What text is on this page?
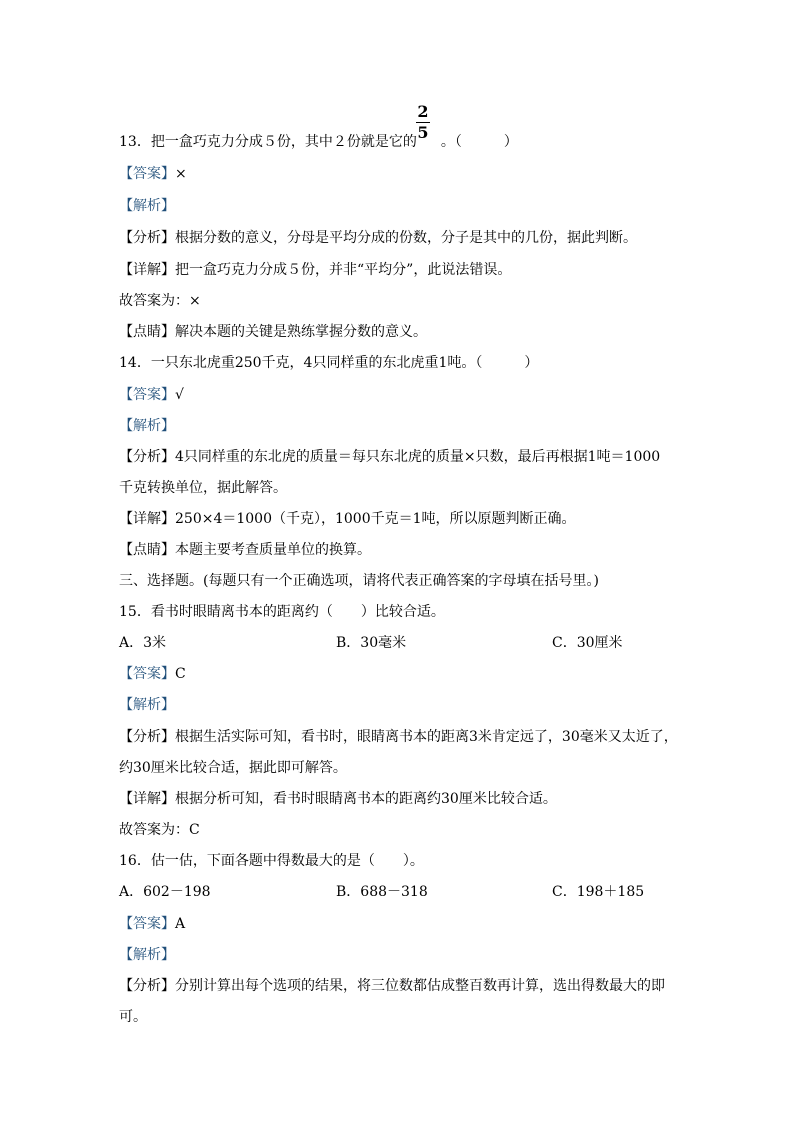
13．把一盒巧克力分成５份，其中２份就是它的 。（　　　）
2
5
【答案】×
【解析】
【分析】根据分数的意义，分母是平均分成的份数，分子是其中的几份，据此判断。
【详解】把一盒巧克力分成５份，并非“平均分”，此说法错误。
故答案为：×
【点睛】解决本题的关键是熟练掌握分数的意义。
14．一只东北虎重250千克，4只同样重的东北虎重1吨。（　　　）
【答案】√
【解析】
【分析】4只同样重的东北虎的质量＝每只东北虎的质量×只数，最后再根据1吨＝1000
千克转换单位，据此解答。
【详解】250×4＝1000（千克），1000千克＝1吨，所以原题判断正确。
【点睛】本题主要考查质量单位的换算。
三、选择题。(每题只有一个正确选项，请将代表正确答案的字母填在括号里。)
15．看书时眼睛离书本的距离约（　　）比较合适。
A．3米	B．30毫米	C．30厘米
【答案】C
【解析】
【分析】根据生活实际可知，看书时，眼睛离书本的距离3米肯定远了，30毫米又太近了，
约30厘米比较合适，据此即可解答。
【详解】根据分析可知，看书时眼睛离书本的距离约30厘米比较合适。
故答案为：C
16．估一估，下面各题中得数最大的是（　　）。
A．602－198	B．688－318	C．198＋185
【答案】A
【解析】
【分析】分别计算出每个选项的结果，将三位数都估成整百数再计算，选出得数最大的即
可。
